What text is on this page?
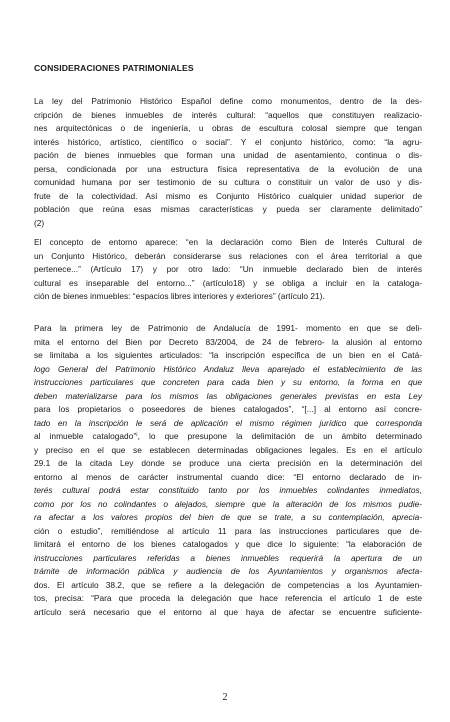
CONSIDERACIONES PATRIMONIALES
La ley del Patrimonio Histórico Español define como monumentos, dentro de la des-
cripción de bienes inmuebles de interés cultural: “aquellos que constituyen realizacio-
nes arquitectónicas o de ingeniería, u obras de escultura colosal siempre que tengan
interés histórico, artístico, científico o social”. Y el conjunto histórico, como: “la agru-
pación de bienes inmuebles que forman una unidad de asentamiento, continua o dis-
persa, condicionada por una estructura física representativa de la evolución de una
comunidad humana por ser testimonio de su cultura o constituir un valor de uso y dis-
frute de la colectividad. Así mismo es Conjunto Histórico cualquier unidad superior de
población que reúna esas mismas características y pueda ser claramente delimitado”
(2)
El concepto de entorno aparece: “en la declaración como Bien de Interés Cultural de
un Conjunto Histórico, deberán considerarse sus relaciones con el área territorial a que
pertenece...” (Artículo 17) y por otro lado: “Un inmueble declarado bien de interés
cultural es inseparable del entorno...” (artículo18) y se obliga a incluir en la cataloga-
ción de bienes inmuebles: “espacios libres interiores y exteriores” (artículo 21).
Para la primera ley de Patrimonio de Andalucía de 1991- momento en que se deli-
mita el entorno del Bien por Decreto 83/2004, de 24 de febrero- la alusión al entorno
se limitaba a los siguientes articulados: “la inscripción específica de un bien en el Catá-
logo General del Patrimonio Histórico Andaluz lleva aparejado el establecimiento de las
instrucciones particulares que concreten para cada bien y su entorno, la forma en que
deben materializarse para los mismos las obligaciones generales previstas en esta Ley
para los propietarios o poseedores de bienes catalogados”, “[...] al entorno así concre-
tado en la inscripción le será de aplicación el mismo régimen jurídico que corresponda
al inmueble catalogado”ⁱ, lo que presupone la delimitación de un ámbito determinado
y preciso en el que se establecen determinadas obligaciones legales. Es en el artículo
29.1 de la citada Ley donde se produce una cierta precisión en la determinación del
entorno al menos de carácter instrumental cuando dice: “El entorno declarado de in-
terés cultural podrá estar constituido tanto por los inmuebles colindantes inmediatos,
como por los no colindantes o alejados, siempre que la alteración de los mismos pudie-
ra afectar a los valores propios del bien de que se trate, a su contemplación, aprecia-
ción o estudio”, remitiéndose al artículo 11 para las instrucciones particulares que de-
limitará el entorno de los bienes catalogados y que dice lo siguiente: “la elaboración de
instrucciones particulares referidas a bienes inmuebles requerirá la apertura de un
trámite de información pública y audiencia de los Ayuntamientos y organismos afecta-
dos. El artículo 38.2, que se refiere a la delegación de competencias a los Ayuntamien-
tos, precisa: “Para que proceda la delegación que hace referencia el artículo 1 de este
artículo será necesario que el entorno al que haya de afectar se encuentre suficiente-
2
